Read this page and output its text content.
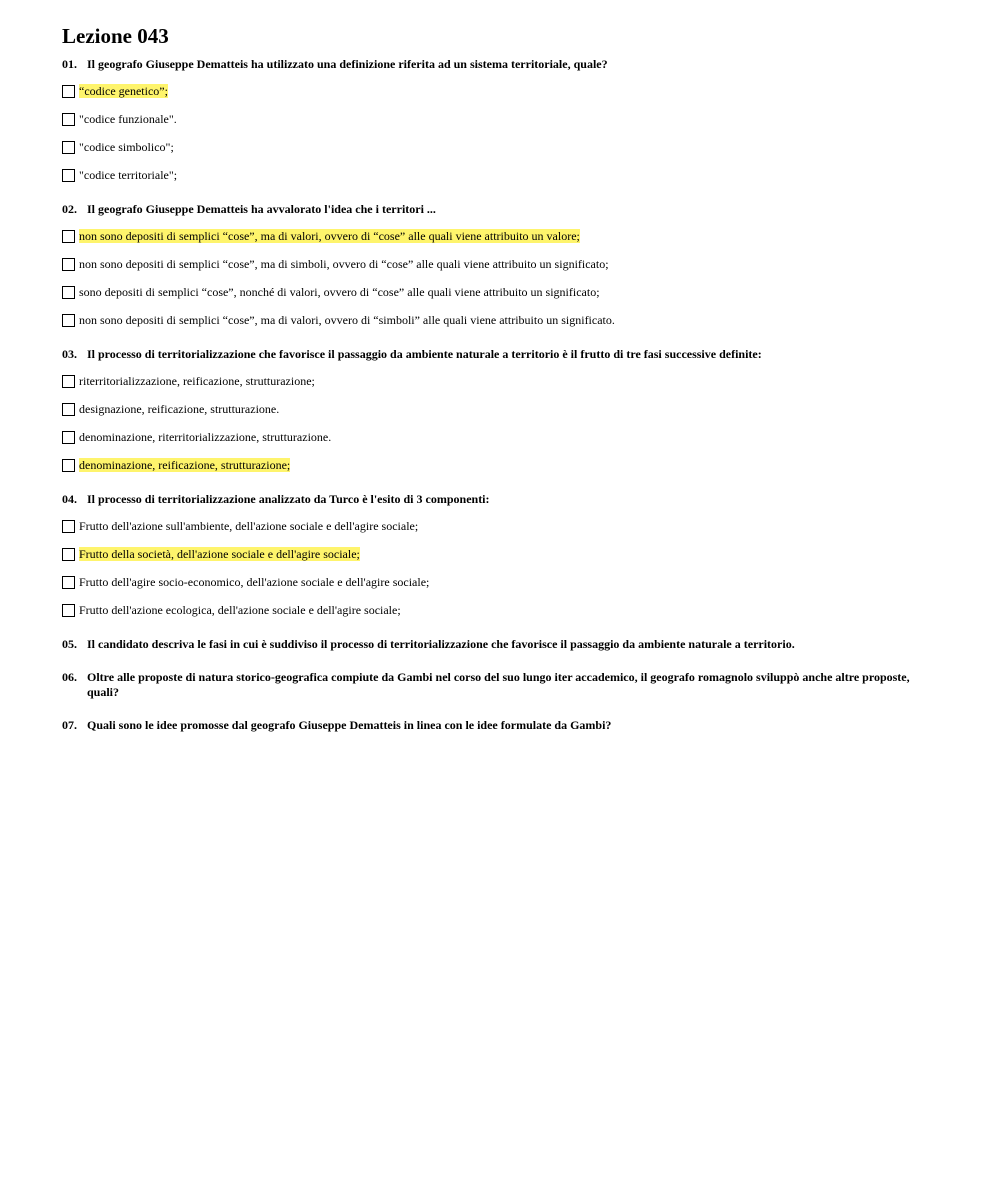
Lezione 043
01. Il geografo Giuseppe Dematteis ha utilizzato una definizione riferita ad un sistema territoriale, quale?
“codice genetico”;
"codice funzionale".
"codice simbolico";
"codice territoriale";
02. Il geografo Giuseppe Dematteis ha avvalorato l'idea che i territori ...
non sono depositi di semplici “cose”, ma di valori, ovvero di “cose” alle quali viene attribuito un valore;
non sono depositi di semplici “cose”, ma di simboli, ovvero di “cose” alle quali viene attribuito un significato;
sono depositi di semplici “cose”, nonché di valori, ovvero di “cose” alle quali viene attribuito un significato;
non sono depositi di semplici “cose”, ma di valori, ovvero di “simboli” alle quali viene attribuito un significato.
03. Il processo di territorializzazione che favorisce il passaggio da ambiente naturale a territorio è il frutto di tre fasi successive definite:
riterritorializzazione, reificazione, strutturazione;
designazione, reificazione, strutturazione.
denominazione, riterritorializzazione, strutturazione.
denominazione, reificazione, strutturazione;
04. Il processo di territorializzazione analizzato da Turco è l'esito di 3 componenti:
Frutto dell'azione sull'ambiente, dell'azione sociale e dell'agire sociale;
Frutto della società, dell'azione sociale e dell'agire sociale;
Frutto dell'agire socio-economico, dell'azione sociale e dell'agire sociale;
Frutto dell'azione ecologica, dell'azione sociale e dell'agire sociale;
05. Il candidato descriva le fasi in cui è suddiviso il processo di territorializzazione che favorisce il passaggio da ambiente naturale a territorio.
06. Oltre alle proposte di natura storico-geografica compiute da Gambi nel corso del suo lungo iter accademico, il geografo romagnolo sviluppò anche altre proposte, quali?
07. Quali sono le idee promosse dal geografo Giuseppe Dematteis in linea con le idee formulate da Gambi?
